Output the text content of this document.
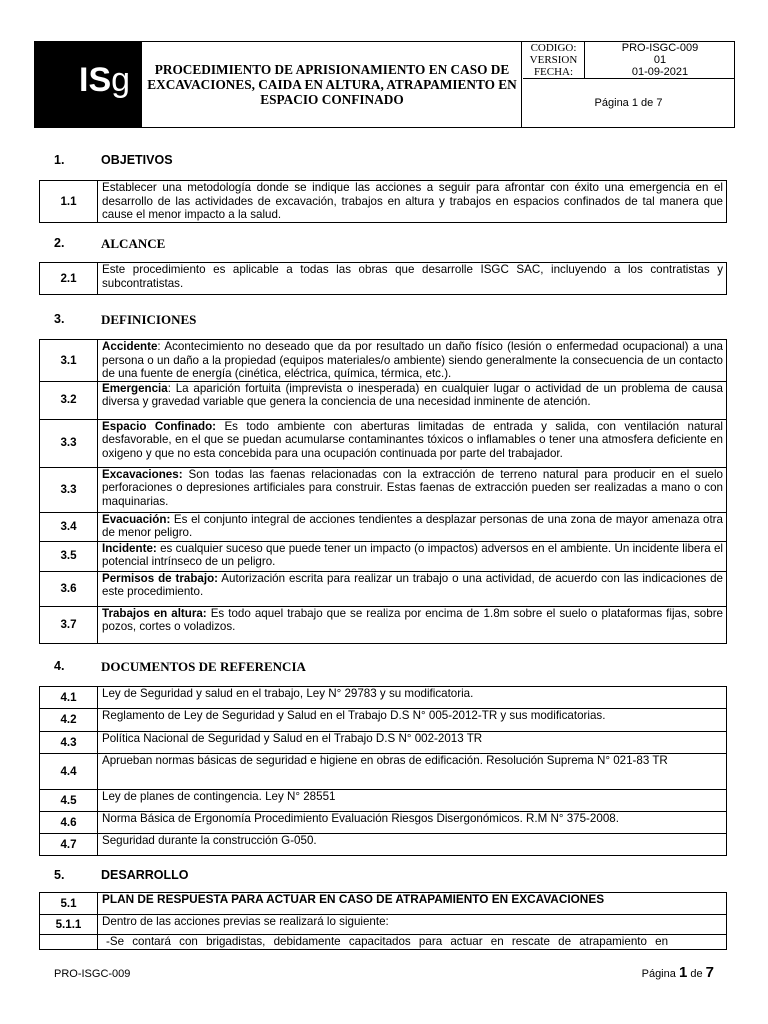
ISg	PROCEDIMIENTO DE APRISIONAMIENTO EN CASO DE EXCAVACIONES, CAIDA EN ALTURA, ATRAPAMIENTO EN ESPACIO CONFINADO
CODIGO:	PRO-ISGC-009
VERSION	01
FECHA:	01-09-2021
Página 1 de 7
1.	OBJETIVOS
1.1	Establecer una metodología donde se indique las acciones a seguir para afrontar con éxito una emergencia en el desarrollo de las actividades de excavación, trabajos en altura y trabajos en espacios confinados de tal manera que cause el menor impacto a la salud.
2.	ALCANCE
2.1	Este procedimiento es aplicable a todas las obras que desarrolle ISGC SAC, incluyendo a los contratistas y subcontratistas.
3.	DEFINICIONES
3.1	Accidente: Acontecimiento no deseado que da por resultado un daño físico (lesión o enfermedad ocupacional) a una persona o un daño a la propiedad (equipos materiales/o ambiente) siendo generalmente la consecuencia de un contacto de una fuente de energía (cinética, eléctrica, química, térmica, etc.).
3.2	Emergencia: La aparición fortuita (imprevista o inesperada) en cualquier lugar o actividad de un problema de causa diversa y gravedad variable que genera la conciencia de una necesidad inminente de atención.
3.3	Espacio Confinado: Es todo ambiente con aberturas limitadas de entrada y salida, con ventilación natural desfavorable, en el que se puedan acumularse contaminantes tóxicos o inflamables o tener una atmosfera deficiente en oxigeno y que no esta concebida para una ocupación continuada por parte del trabajador.
3.3	Excavaciones: Son todas las faenas relacionadas con la extracción de terreno natural para producir en el suelo perforaciones o depresiones artificiales para construir. Estas faenas de extracción pueden ser realizadas a mano o con maquinarias.
3.4	Evacuación: Es el conjunto integral de acciones tendientes a desplazar personas de una zona de mayor amenaza otra de menor peligro.
3.5	Incidente: es cualquier suceso que puede tener un impacto (o impactos) adversos en el ambiente. Un incidente libera el potencial intrínseco de un peligro.
3.6	Permisos de trabajo: Autorización escrita para realizar un trabajo o una actividad, de acuerdo con las indicaciones de este procedimiento.
3.7	Trabajos en altura: Es todo aquel trabajo que se realiza por encima de 1.8m sobre el suelo o plataformas fijas, sobre pozos, cortes o voladizos.
4.	DOCUMENTOS DE REFERENCIA
4.1	Ley de Seguridad y salud en el trabajo, Ley N° 29783 y su modificatoria.
4.2	Reglamento de Ley de Seguridad y Salud en el Trabajo D.S N° 005-2012-TR y sus modificatorias.
4.3	Política Nacional de Seguridad y Salud en el Trabajo D.S N° 002-2013 TR
4.4	Aprueban normas básicas de seguridad e higiene en obras de edificación. Resolución Suprema N° 021-83 TR
4.5	Ley de planes de contingencia. Ley N° 28551
4.6	Norma Básica de Ergonomía Procedimiento Evaluación Riesgos Disergonómicos. R.M N° 375-2008.
4.7	Seguridad durante la construcción G-050.
5.	DESARROLLO
5.1	PLAN DE RESPUESTA PARA ACTUAR EN CASO DE ATRAPAMIENTO EN EXCAVACIONES
5.1.1	Dentro de las acciones previas se realizará lo siguiente:
	-Se contará con brigadistas, debidamente capacitados para actuar en rescate de atrapamiento en
PRO-ISGC-009	Página 1 de 7
